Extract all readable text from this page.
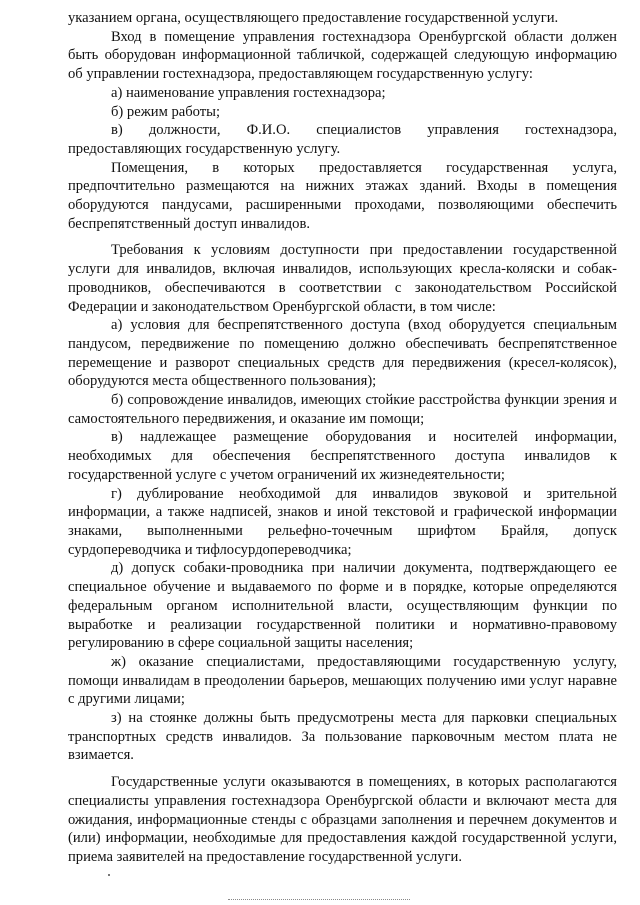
указанием органа, осуществляющего предоставление государственной услуги.

Вход в помещение управления гостехнадзора Оренбургской области должен быть оборудован информационной табличкой, содержащей следующую информацию об управлении гостехнадзора, предоставляющем государственную услугу:

а) наименование управления гостехнадзора;

б) режим работы;

в) должности, Ф.И.О. специалистов управления гостехнадзора, предоставляющих государственную услугу.

Помещения, в которых предоставляется государственная услуга, предпочтительно размещаются на нижних этажах зданий. Входы в помещения оборудуются пандусами, расширенными проходами, позволяющими обеспечить беспрепятственный доступ инвалидов.

Требования к условиям доступности при предоставлении государственной услуги для инвалидов, включая инвалидов, использующих кресла-коляски и собак-проводников, обеспечиваются в соответствии с законодательством Российской Федерации и законодательством Оренбургской области, в том числе:

а) условия для беспрепятственного доступа (вход оборудуется специальным пандусом, передвижение по помещению должно обеспечивать беспрепятственное перемещение и разворот специальных средств для передвижения (кресел-колясок), оборудуются места общественного пользования);

б) сопровождение инвалидов, имеющих стойкие расстройства функции зрения и самостоятельного передвижения, и оказание им помощи;

в) надлежащее размещение оборудования и носителей информации, необходимых для обеспечения беспрепятственного доступа инвалидов к государственной услуге с учетом ограничений их жизнедеятельности;

г) дублирование необходимой для инвалидов звуковой и зрительной информации, а также надписей, знаков и иной текстовой и графической информации знаками, выполненными рельефно-точечным шрифтом Брайля, допуск сурдопереводчика и тифлосурдопереводчика;

д) допуск собаки-проводника при наличии документа, подтверждающего ее специальное обучение и выдаваемого по форме и в порядке, которые определяются федеральным органом исполнительной власти, осуществляющим функции по выработке и реализации государственной политики и нормативно-правовому регулированию в сфере социальной защиты населения;

ж) оказание специалистами, предоставляющими государственную услугу, помощи инвалидам в преодолении барьеров, мешающих получению ими услуг наравне с другими лицами;

з) на стоянке должны быть предусмотрены места для парковки специальных транспортных средств инвалидов. За пользование парковочным местом плата не взимается.

Государственные услуги оказываются в помещениях, в которых располагаются специалисты управления гостехнадзора Оренбургской области и включают места для ожидания, информационные стенды с образцами заполнения и перечнем документов и (или) информации, необходимые для предоставления каждой государственной услуги, приема заявителей на предоставление государственной услуги.
